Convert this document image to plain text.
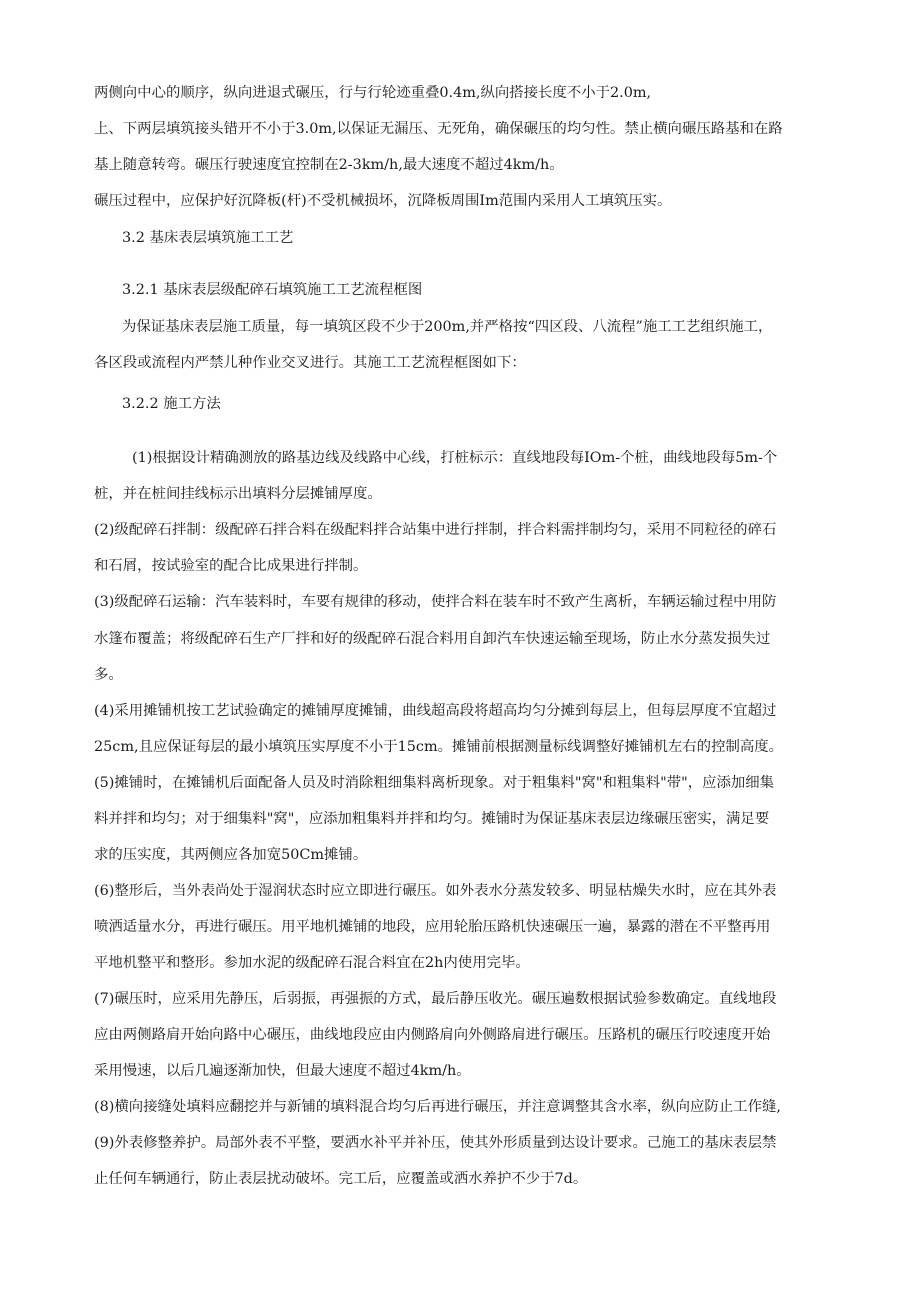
两侧向中心的顺序，纵向进退式碾压，行与行轮迹重叠0.4m,纵向搭接长度不小于2.0m,
上、下两层填筑接头错开不小于3.0m,以保证无漏压、无死角，确保碾压的均匀性。禁止横向碾压路基和在路
基上随意转弯。碾压行驶速度宜控制在2-3km/h,最大速度不超过4km/h。
碾压过程中，应保护好沉降板(杆)不受机械损坏，沉降板周围Im范围内采用人工填筑压实。
3.2 基床表层填筑施工工艺
3.2.1 基床表层级配碎石填筑施工工艺流程框图
为保证基床表层施工质量，每一填筑区段不少于200m,并严格按“四区段、八流程”施工工艺组织施工，
各区段或流程内严禁儿种作业交叉进行。其施工工艺流程框图如下：
3.2.2 施工方法
(1)根据设计精确测放的路基边线及线路中心线，打桩标示：直线地段每IOm-个桩，曲线地段每5m-个
桩，并在桩间挂线标示出填料分层摊铺厚度。
(2)级配碎石拌制：级配碎石拌合料在级配料拌合站集中进行拌制，拌合料需拌制均匀，采用不同粒径的碎石
和石屑，按试验室的配合比成果进行拌制。
(3)级配碎石运输：汽车装料时，车要有规律的移动，使拌合料在装车时不致产生离析，车辆运输过程中用防
水篷布覆盖；将级配碎石生产厂拌和好的级配碎石混合料用自卸汽车快速运输至现场，防止水分蒸发损失过
多。
(4)采用摊铺机按工艺试验确定的摊铺厚度摊铺，曲线超高段将超高均匀分摊到每层上，但每层厚度不宜超过
25cm,且应保证每层的最小填筑压实厚度不小于15cm。摊铺前根据测量标线调整好摊铺机左右的控制高度。
(5)摊铺时，在摊铺机后面配备人员及时消除粗细集料离析现象。对于粗集料"窝"和粗集料"带"，应添加细集
料并拌和均匀；对于细集料"窝"，应添加粗集料并拌和均匀。摊铺时为保证基床表层边缘碾压密实，满足要
求的压实度，其两侧应各加宽50Cm摊铺。
(6)整形后，当外表尚处于湿润状态时应立即进行碾压。如外表水分蒸发较多、明显枯燥失水时，应在其外表
喷洒适量水分，再进行碾压。用平地机摊铺的地段，应用轮胎压路机快速碾压一遍，暴露的潜在不平整再用
平地机整平和整形。参加水泥的级配碎石混合料宜在2h内使用完毕。
(7)碾压时，应采用先静压，后弱振，再强振的方式，最后静压收光。碾压遍数根据试验参数确定。直线地段
应由两侧路肩开始向路中心碾压，曲线地段应由内侧路肩向外侧路肩进行碾压。压路机的碾压行咬速度开始
采用慢速，以后几遍逐渐加快，但最大速度不超过4km/h。
(8)横向接缝处填料应翻挖并与新铺的填料混合均匀后再进行碾压，并注意调整其含水率，纵向应防止工作缝,
(9)外表修整养护。局部外表不平整，要洒水补平并补压，使其外形质量到达设计要求。己施工的基床表层禁
止任何车辆通行，防止表层扰动破坏。完工后，应覆盖或洒水养护不少于7d。
